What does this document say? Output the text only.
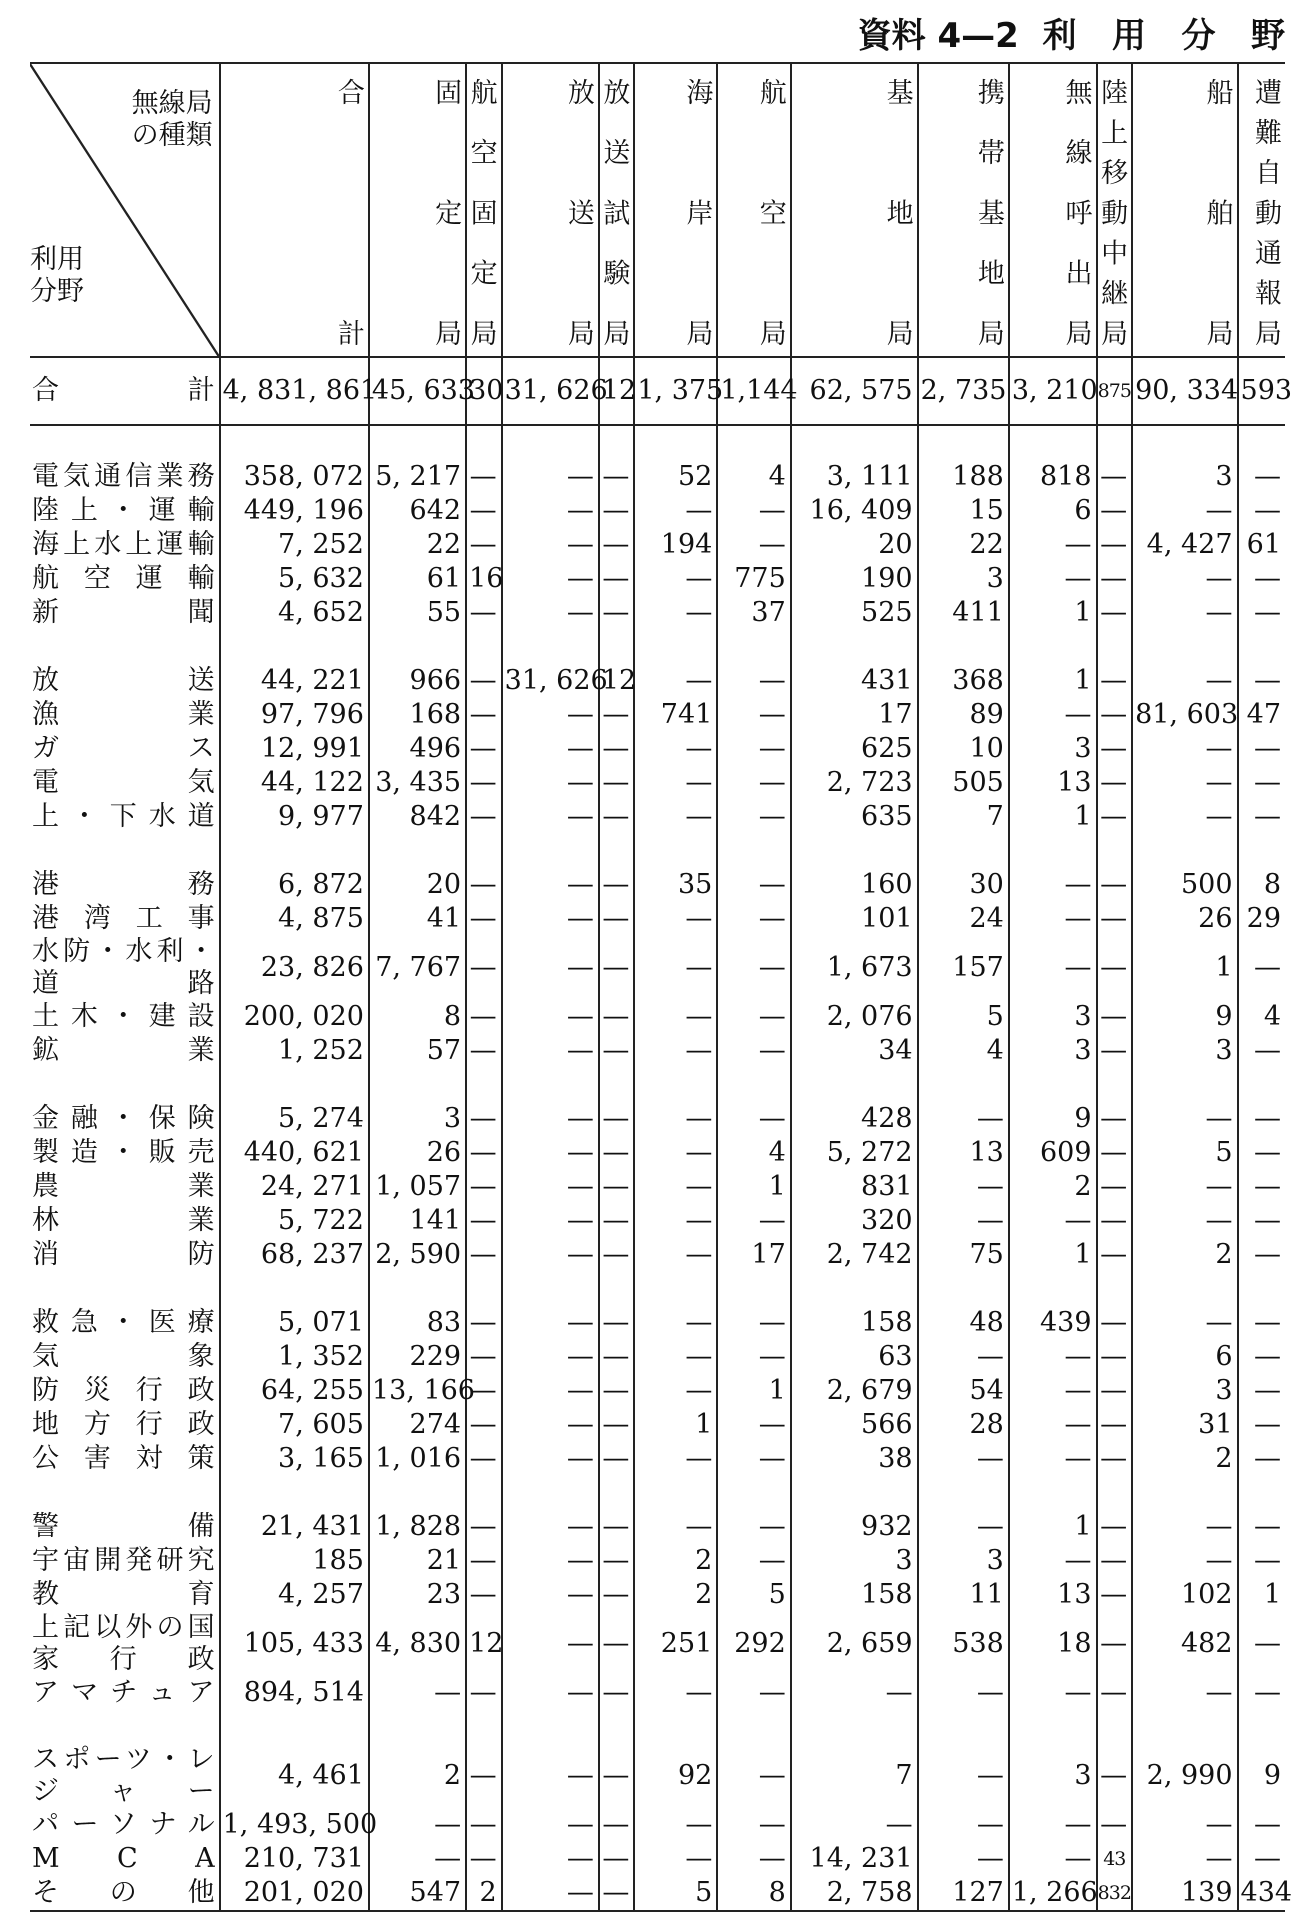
資料 4—2  利   用   分   野
無線局
の種類
利用
分野	合　計	固　定　局	航空固定局	放　送　局	放送試験局	海　岸　局	航　空　局	基　地　局	携帯基地局	無線呼出局	陸上移動中継局	船　舶　局	遭難自動通報局
合　　計	4, 831, 861	45, 633	30	31, 626	12	1, 375	1,144	62, 575	2, 735	3, 210	875	90, 334	593

電気通信業務	358, 072	5, 217	—	—	—	52	4	3, 111	188	818	—	3	—
陸上・運輸	449, 196	642	—	—	—	—	—	16, 409	15	6	—	—	—
海上水上運輸	7, 252	22	—	—	—	194	—	20	22	—	—	4, 427	61
航空運輸	5, 632	61	16	—	—	—	775	190	3	—	—	—	—
新　　聞	4, 652	55	—	—	—	—	37	525	411	1	—	—	—

放　　送	44, 221	966	—	31, 626	12	—	—	431	368	1	—	—	—
漁　　業	97, 796	168	—	—	—	741	—	17	89	—	—	81, 603	47
ガ　　ス	12, 991	496	—	—	—	—	—	625	10	3	—	—	—
電　　気	44, 122	3, 435	—	—	—	—	—	2, 723	505	13	—	—	—
上・下水道	9, 977	842	—	—	—	—	—	635	7	1	—	—	—

港　　務	6, 872	20	—	—	—	35	—	160	30	—	—	500	8
港湾工事	4, 875	41	—	—	—	—	—	101	24	—	—	26	29
水防・水利・道路	23, 826	7, 767	—	—	—	—	—	1, 673	157	—	—	1	—
土木・建設	200, 020	8	—	—	—	—	—	2, 076	5	3	—	9	4
鉱　　業	1, 252	57	—	—	—	—	—	34	4	3	—	3	—

金融・保険	5, 274	3	—	—	—	—	—	428	—	9	—	—	—
製造・販売	440, 621	26	—	—	—	—	4	5, 272	13	609	—	5	—
農　　業	24, 271	1, 057	—	—	—	—	1	831	—	2	—	—	—
林　　業	5, 722	141	—	—	—	—	—	320	—	—	—	—	—
消　　防	68, 237	2, 590	—	—	—	—	17	2, 742	75	1	—	2	—

救急・医療	5, 071	83	—	—	—	—	—	158	48	439	—	—	—
気　　象	1, 352	229	—	—	—	—	—	63	—	—	—	6	—
防災行政	64, 255	13, 166	—	—	—	—	1	2, 679	54	—	—	3	—
地方行政	7, 605	274	—	—	—	1	—	566	28	—	—	31	—
公害対策	3, 165	1, 016	—	—	—	—	—	38	—	—	—	2	—

警　　備	21, 431	1, 828	—	—	—	—	—	932	—	1	—	—	—
宇宙開発研究	185	21	—	—	—	2	—	3	3	—	—	—	—
教　　育	4, 257	23	—	—	—	2	5	158	11	13	—	102	1
上記以外の国家行政	105, 433	4, 830	12	—	—	251	292	2, 659	538	18	—	482	—
アマチュア	894, 514	—	—	—	—	—	—	—	—	—	—	—	—

スポーツ・レジャー	4, 461	2	—	—	—	92	—	7	—	3	—	2, 990	9
パーソナル	1, 493, 500	—	—	—	—	—	—	—	—	—	—	—	—
M　C　A	210, 731	—	—	—	—	—	—	14, 231	—	—	43	—	—
そ の 他	201, 020	547	2	—	—	5	8	2, 758	127	1, 266	832	139	434
